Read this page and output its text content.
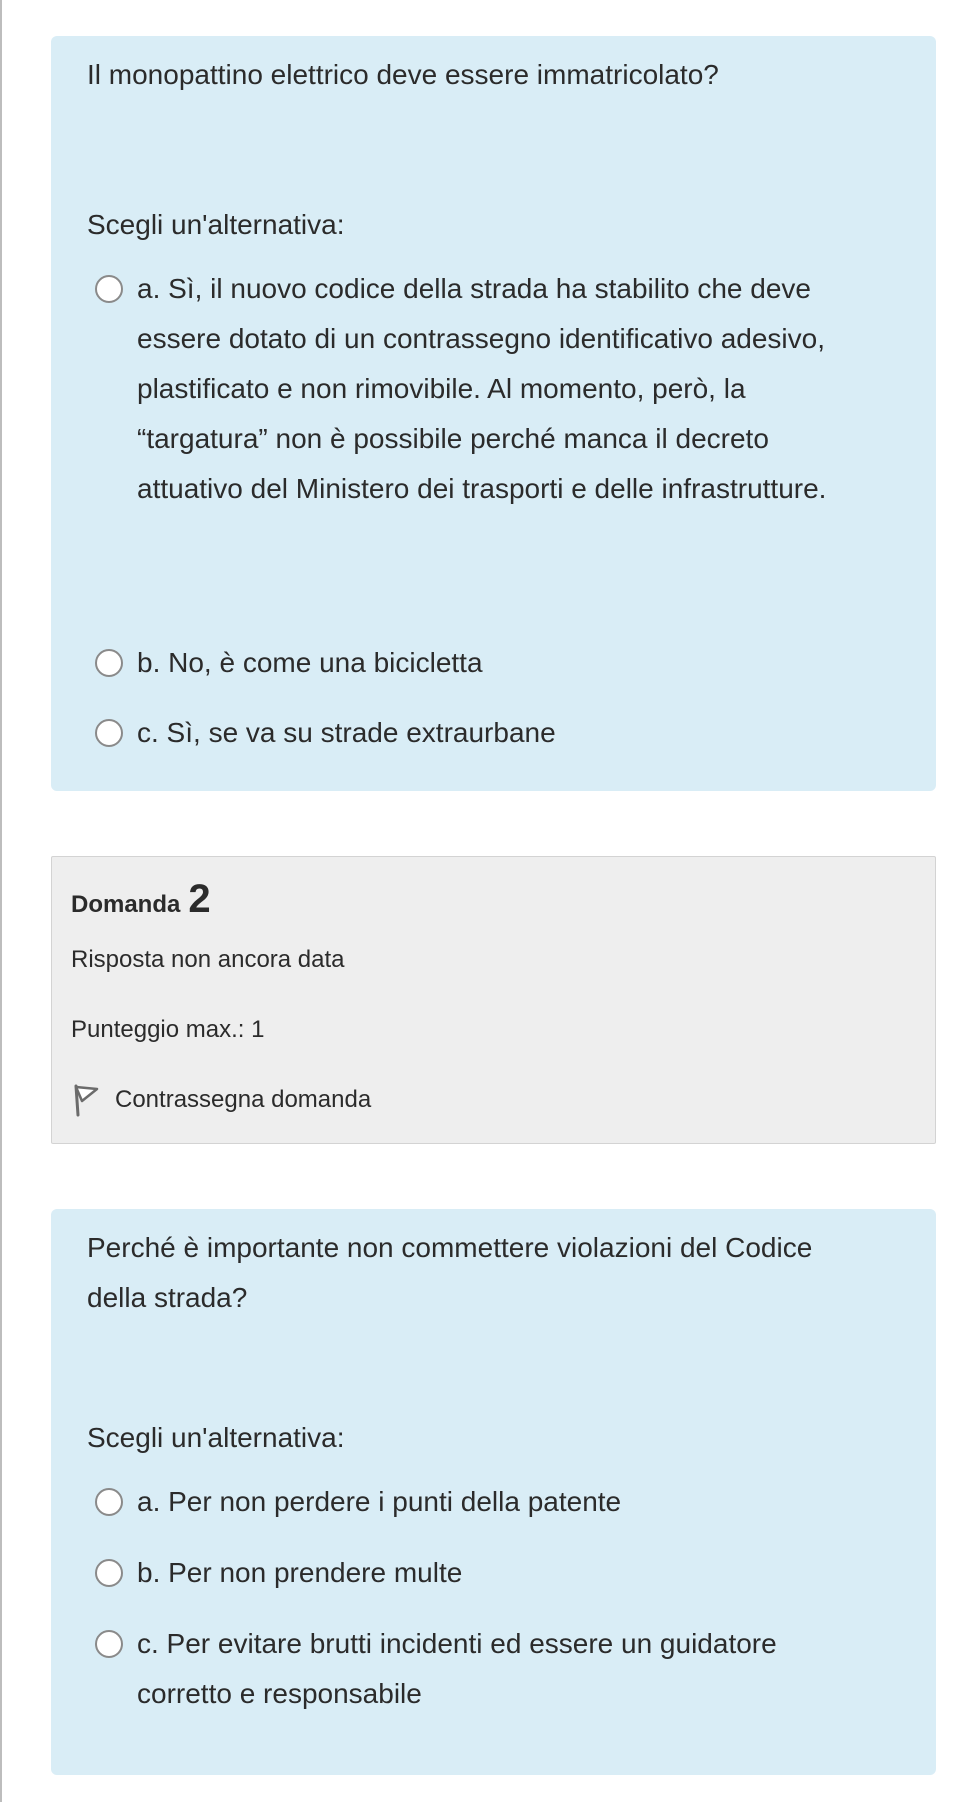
Il monopattino elettrico deve essere immatricolato?
Scegli un'alternativa:
a. Sì, il nuovo codice della strada ha stabilito che deve essere dotato di un contrassegno identificativo adesivo, plastificato e non rimovibile. Al momento, però, la “targatura” non è possibile perché manca il decreto attuativo del Ministero dei trasporti e delle infrastrutture.
b. No, è come una bicicletta
c. Sì, se va su strade extraurbane
Domanda 2
Risposta non ancora data
Punteggio max.: 1
Contrassegna domanda
Perché è importante non commettere violazioni del Codice della strada?
Scegli un'alternativa:
a. Per non perdere i punti della patente
b. Per non prendere multe
c. Per evitare brutti incidenti ed essere un guidatore corretto e responsabile
